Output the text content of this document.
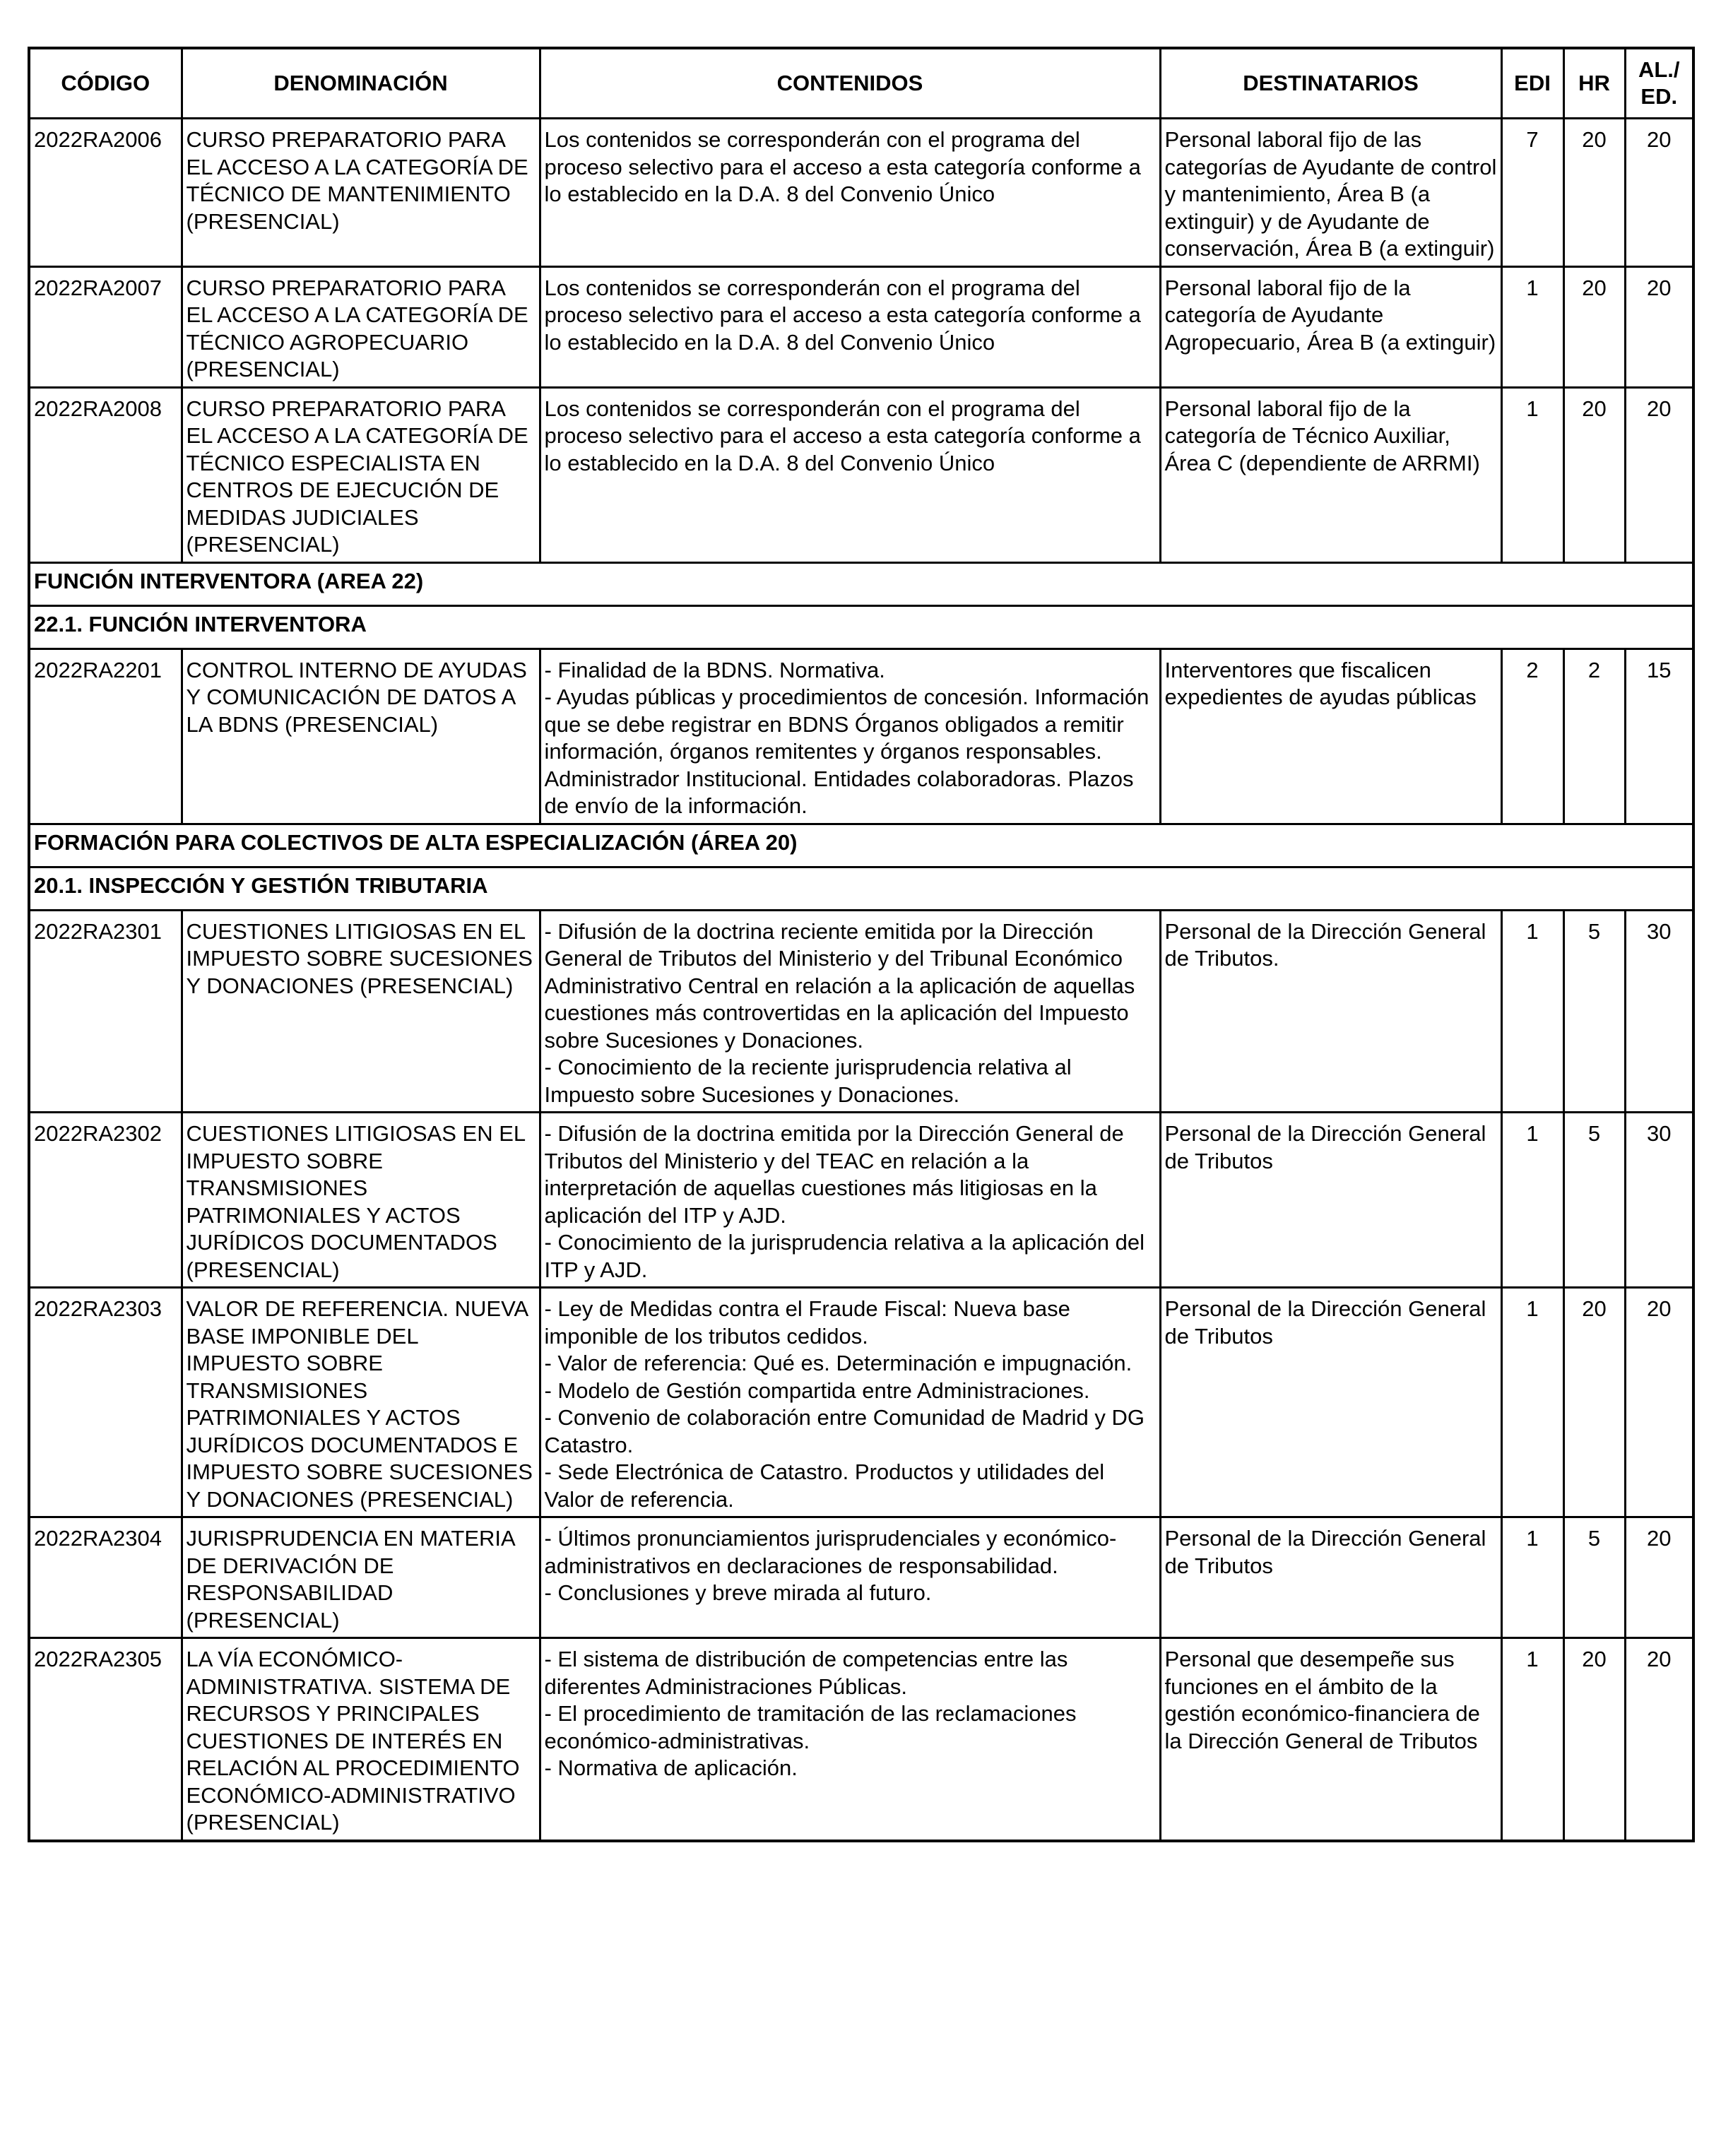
CÓDIGO	DENOMINACIÓN	CONTENIDOS	DESTINATARIOS	EDI	HR	AL./ ED.
2022RA2006	CURSO PREPARATORIO PARA EL ACCESO A LA CATEGORÍA DE TÉCNICO DE MANTENIMIENTO (PRESENCIAL)	Los contenidos se corresponderán con el programa del proceso selectivo para el acceso a esta categoría conforme a lo establecido en la D.A. 8 del Convenio Único	Personal laboral fijo de las categorías de Ayudante de control y mantenimiento, Área B (a extinguir) y de Ayudante de conservación, Área B (a extinguir)	7	20	20
2022RA2007	CURSO PREPARATORIO PARA EL ACCESO A LA CATEGORÍA DE TÉCNICO AGROPECUARIO (PRESENCIAL)	Los contenidos se corresponderán con el programa del proceso selectivo para el acceso a esta categoría conforme a lo establecido en la D.A. 8 del Convenio Único	Personal laboral fijo de la categoría de Ayudante Agropecuario, Área B (a extinguir)	1	20	20
2022RA2008	CURSO PREPARATORIO PARA EL ACCESO A LA CATEGORÍA DE TÉCNICO ESPECIALISTA EN CENTROS DE EJECUCIÓN DE MEDIDAS JUDICIALES (PRESENCIAL)	Los contenidos se corresponderán con el programa del proceso selectivo para el acceso a esta categoría conforme a lo establecido en la D.A. 8 del Convenio Único	Personal laboral fijo de la categoría de Técnico Auxiliar, Área C (dependiente de ARRMI)	1	20	20
FUNCIÓN INTERVENTORA (AREA 22)						
22.1. FUNCIÓN INTERVENTORA						
2022RA2201	CONTROL INTERNO DE AYUDAS Y COMUNICACIÓN DE DATOS A LA BDNS (PRESENCIAL)	- Finalidad de la BDNS. Normativa.
- Ayudas públicas y procedimientos de concesión. Información que se debe registrar en BDNS Órganos obligados a remitir información, órganos remitentes y órganos responsables. Administrador Institucional. Entidades colaboradoras. Plazos de envío de la información.	Interventores que fiscalicen expedientes de ayudas públicas	2	2	15
FORMACIÓN PARA COLECTIVOS DE ALTA ESPECIALIZACIÓN (ÁREA 20)						
20.1. INSPECCIÓN Y GESTIÓN TRIBUTARIA						
2022RA2301	CUESTIONES LITIGIOSAS EN EL IMPUESTO SOBRE SUCESIONES Y DONACIONES (PRESENCIAL)	- Difusión de la doctrina reciente emitida por la Dirección General de Tributos del Ministerio y del Tribunal Económico Administrativo Central en relación a la aplicación de aquellas cuestiones más controvertidas en la aplicación del Impuesto sobre Sucesiones y Donaciones.
- Conocimiento de la reciente jurisprudencia relativa al Impuesto sobre Sucesiones y Donaciones.	Personal de la Dirección General de Tributos.	1	5	30
2022RA2302	CUESTIONES LITIGIOSAS EN EL IMPUESTO SOBRE TRANSMISIONES PATRIMONIALES Y ACTOS JURÍDICOS DOCUMENTADOS (PRESENCIAL)	- Difusión de la doctrina emitida por la Dirección General de Tributos del Ministerio y del TEAC en relación a la interpretación de aquellas cuestiones más litigiosas en la aplicación del ITP y AJD.
- Conocimiento de la jurisprudencia relativa a la aplicación del ITP y AJD.	Personal de la Dirección General de Tributos	1	5	30
2022RA2303	VALOR DE REFERENCIA. NUEVA BASE IMPONIBLE DEL IMPUESTO SOBRE TRANSMISIONES PATRIMONIALES Y ACTOS JURÍDICOS DOCUMENTADOS E IMPUESTO SOBRE SUCESIONES Y DONACIONES (PRESENCIAL)	- Ley de Medidas contra el Fraude Fiscal: Nueva base imponible de los tributos cedidos.
- Valor de referencia: Qué es. Determinación e impugnación.
- Modelo de Gestión compartida entre Administraciones.
- Convenio de colaboración entre Comunidad de Madrid y DG Catastro.
- Sede Electrónica de Catastro. Productos y utilidades del Valor de referencia.	Personal de la Dirección General de Tributos	1	20	20
2022RA2304	JURISPRUDENCIA EN MATERIA DE DERIVACIÓN DE RESPONSABILIDAD (PRESENCIAL)	- Últimos pronunciamientos jurisprudenciales y económico-administrativos en declaraciones de responsabilidad.
- Conclusiones y breve mirada al futuro.	Personal de la Dirección General de Tributos	1	5	20
2022RA2305	LA VÍA ECONÓMICO-ADMINISTRATIVA. SISTEMA DE RECURSOS Y PRINCIPALES CUESTIONES DE INTERÉS EN RELACIÓN AL PROCEDIMIENTO ECONÓMICO-ADMINISTRATIVO (PRESENCIAL)	- El sistema de distribución de competencias entre las diferentes Administraciones Públicas.
- El procedimiento de tramitación de las reclamaciones económico-administrativas.
- Normativa de aplicación.	Personal que desempeñe sus funciones en el ámbito de la gestión económico-financiera de la Dirección General de Tributos	1	20	20
